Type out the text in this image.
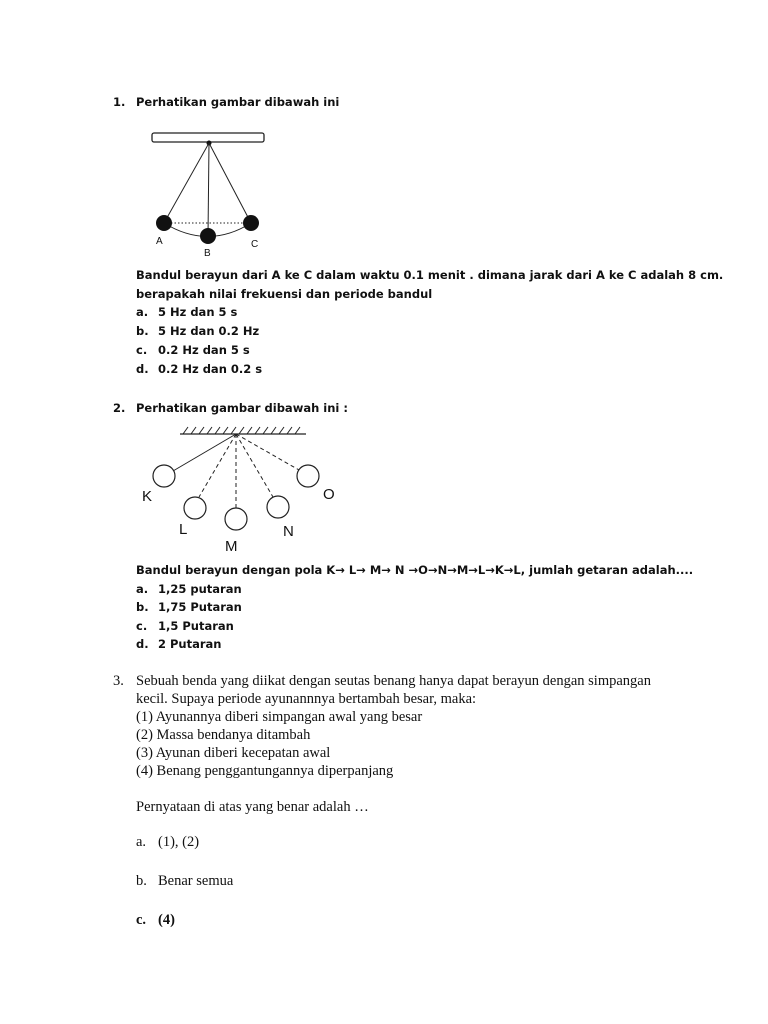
1. Perhatikan gambar dibawah ini
A
B
C
Bandul berayun dari A ke C dalam waktu 0.1 menit . dimana jarak dari A ke C adalah 8 cm.
berapakah nilai frekuensi dan periode bandul
a. 5 Hz dan 5 s
b. 5 Hz dan 0.2 Hz
c. 0.2 Hz dan 5 s
d. 0.2 Hz dan 0.2 s
2. Perhatikan gambar dibawah ini :
K
L
M
N
O
Bandul berayun dengan pola K→ L→ M→ N →O→N→M→L→K→L, jumlah getaran adalah....
a. 1,25 putaran
b. 1,75 Putaran
c. 1,5 Putaran
d. 2 Putaran
3. Sebuah benda yang diikat dengan seutas benang hanya dapat berayun dengan simpangan
kecil. Supaya periode ayunannnya bertambah besar, maka:
(1) Ayunannya diberi simpangan awal yang besar
(2) Massa bendanya ditambah
(3) Ayunan diberi kecepatan awal
(4) Benang penggantungannya diperpanjang
Pernyataan di atas yang benar adalah …
a. (1), (2)
b. Benar semua
c. (4)
